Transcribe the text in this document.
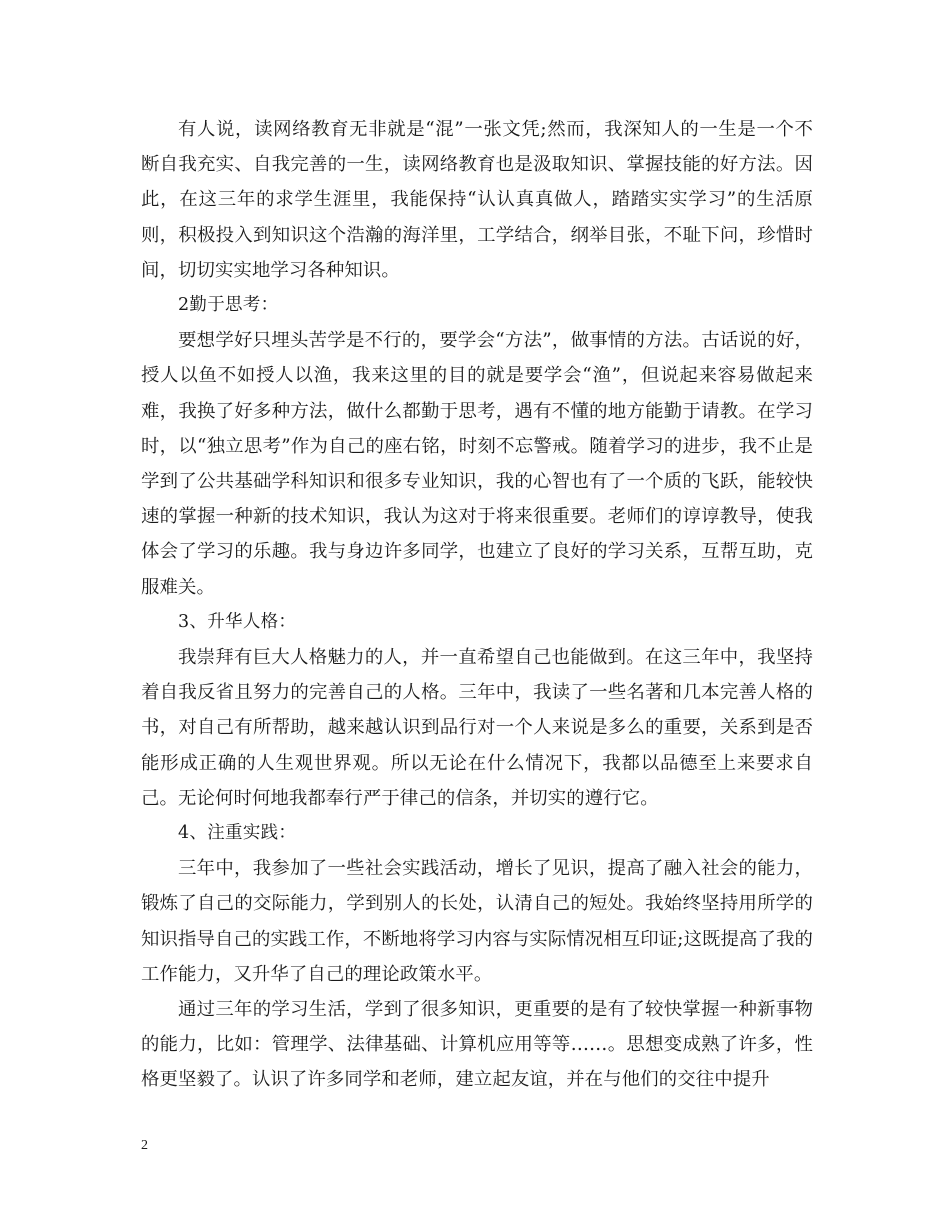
有人说，读网络教育无非就是“混”一张文凭;然而，我深知人的一生是一个不断自我充实、自我完善的一生，读网络教育也是汲取知识、掌握技能的好方法。因此，在这三年的求学生涯里，我能保持“认认真真做人，踏踏实实学习”的生活原则，积极投入到知识这个浩瀚的海洋里，工学结合，纲举目张，不耻下问，珍惜时间，切切实实地学习各种知识。

2勤于思考：

要想学好只埋头苦学是不行的，要学会“方法”，做事情的方法。古话说的好，授人以鱼不如授人以渔，我来这里的目的就是要学会“渔”，但说起来容易做起来难，我换了好多种方法，做什么都勤于思考，遇有不懂的地方能勤于请教。在学习时，以“独立思考”作为自己的座右铭，时刻不忘警戒。随着学习的进步，我不止是学到了公共基础学科知识和很多专业知识，我的心智也有了一个质的飞跃，能较快速的掌握一种新的技术知识，我认为这对于将来很重要。老师们的谆谆教导，使我体会了学习的乐趣。我与身边许多同学，也建立了良好的学习关系，互帮互助，克服难关。

3、升华人格：

我崇拜有巨大人格魅力的人，并一直希望自己也能做到。在这三年中，我坚持着自我反省且努力的完善自己的人格。三年中，我读了一些名著和几本完善人格的书，对自己有所帮助，越来越认识到品行对一个人来说是多么的重要，关系到是否能形成正确的人生观世界观。所以无论在什么情况下，我都以品德至上来要求自己。无论何时何地我都奉行严于律己的信条，并切实的遵行它。

4、注重实践：

三年中，我参加了一些社会实践活动，增长了见识，提高了融入社会的能力，锻炼了自己的交际能力，学到别人的长处，认清自己的短处。我始终坚持用所学的知识指导自己的实践工作，不断地将学习内容与实际情况相互印证;这既提高了我的工作能力，又升华了自己的理论政策水平。

通过三年的学习生活，学到了很多知识，更重要的是有了较快掌握一种新事物的能力，比如：管理学、法律基础、计算机应用等等……。思想变成熟了许多，性格更坚毅了。认识了许多同学和老师，建立起友谊，并在与他们的交往中提升

2
